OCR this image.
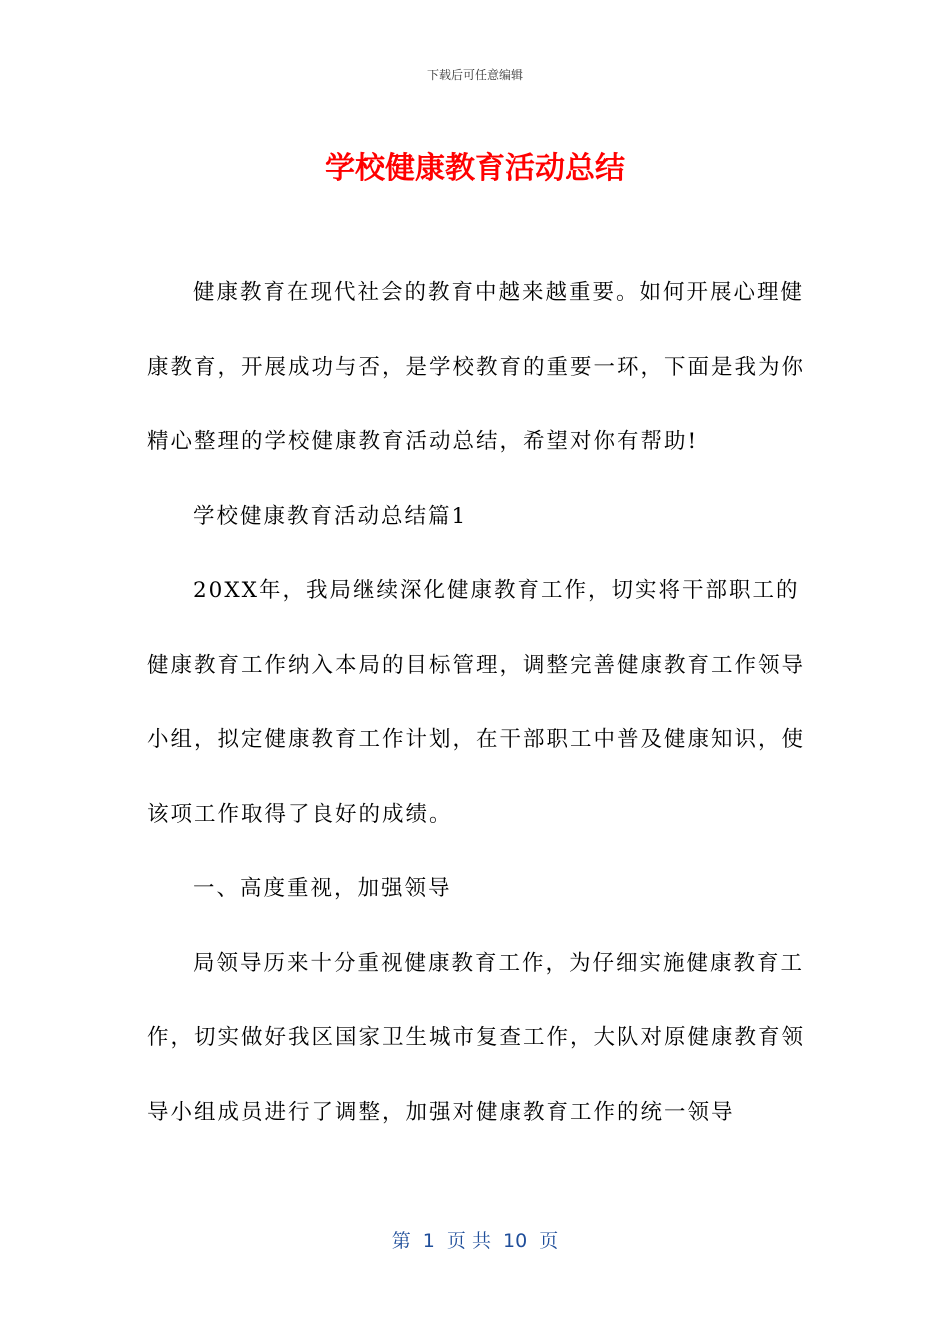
下载后可任意编辑
学校健康教育活动总结

健康教育在现代社会的教育中越来越重要。如何开展心理健康教育，开展成功与否，是学校教育的重要一环，下面是我为你精心整理的学校健康教育活动总结，希望对你有帮助!

学校健康教育活动总结篇1

20XX年，我局继续深化健康教育工作，切实将干部职工的健康教育工作纳入本局的目标管理，调整完善健康教育工作领导小组，拟定健康教育工作计划，在干部职工中普及健康知识，使该项工作取得了良好的成绩。

一、高度重视，加强领导

局领导历来十分重视健康教育工作，为仔细实施健康教育工作，切实做好我区国家卫生城市复查工作，大队对原健康教育领导小组成员进行了调整，加强对健康教育工作的统一领导

第  1  页 共  10  页
